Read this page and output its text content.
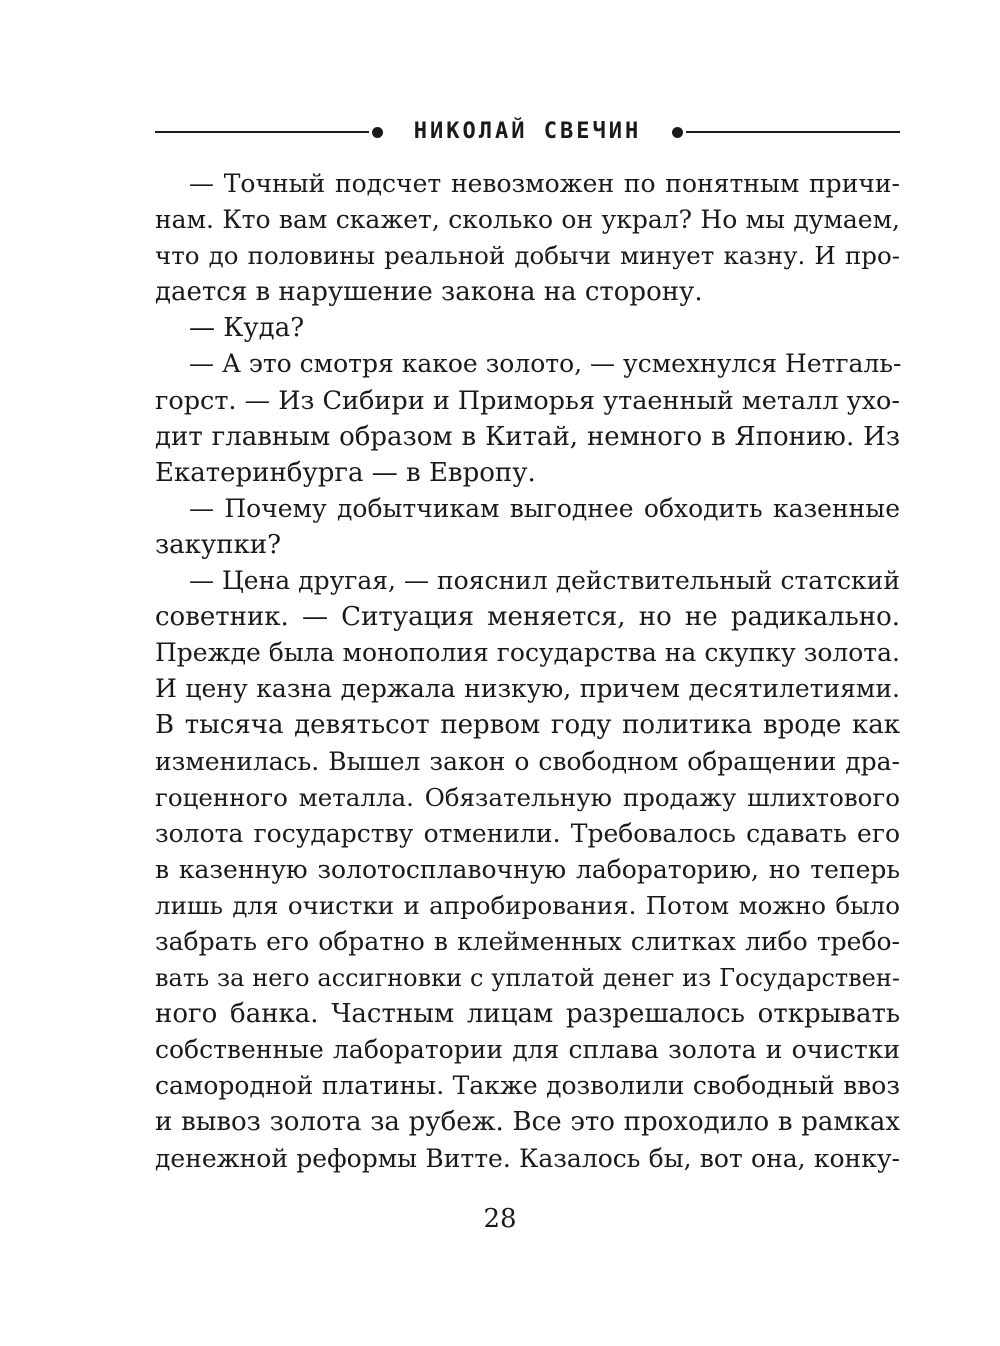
НИКОЛАЙ СВЕЧИН
— Точный подсчет невозможен по понятным причи-
нам. Кто вам скажет, сколько он украл? Но мы думаем,
что до половины реальной добычи минует казну. И про-
дается в нарушение закона на сторону.
— Куда?
— А это смотря какое золото, — усмехнулся Нетгаль-
горст. — Из Сибири и Приморья утаенный металл ухо-
дит главным образом в Китай, немного в Японию. Из
Екатеринбурга — в Европу.
— Почему добытчикам выгоднее обходить казенные
закупки?
— Цена другая, — пояснил действительный статский
советник. — Ситуация меняется, но не радикально.
Прежде была монополия государства на скупку золота.
И цену казна держала низкую, причем десятилетиями.
В тысяча девятьсот первом году политика вроде как
изменилась. Вышел закон о свободном обращении дра-
гоценного металла. Обязательную продажу шлихтового
золота государству отменили. Требовалось сдавать его
в казенную золотосплавочную лабораторию, но теперь
лишь для очистки и апробирования. Потом можно было
забрать его обратно в клейменных слитках либо требо-
вать за него ассигновки с уплатой денег из Государствен-
ного банка. Частным лицам разрешалось открывать
собственные лаборатории для сплава золота и очистки
самородной платины. Также дозволили свободный ввоз
и вывоз золота за рубеж. Все это проходило в рамках
денежной реформы Витте. Казалось бы, вот она, конку-
28
